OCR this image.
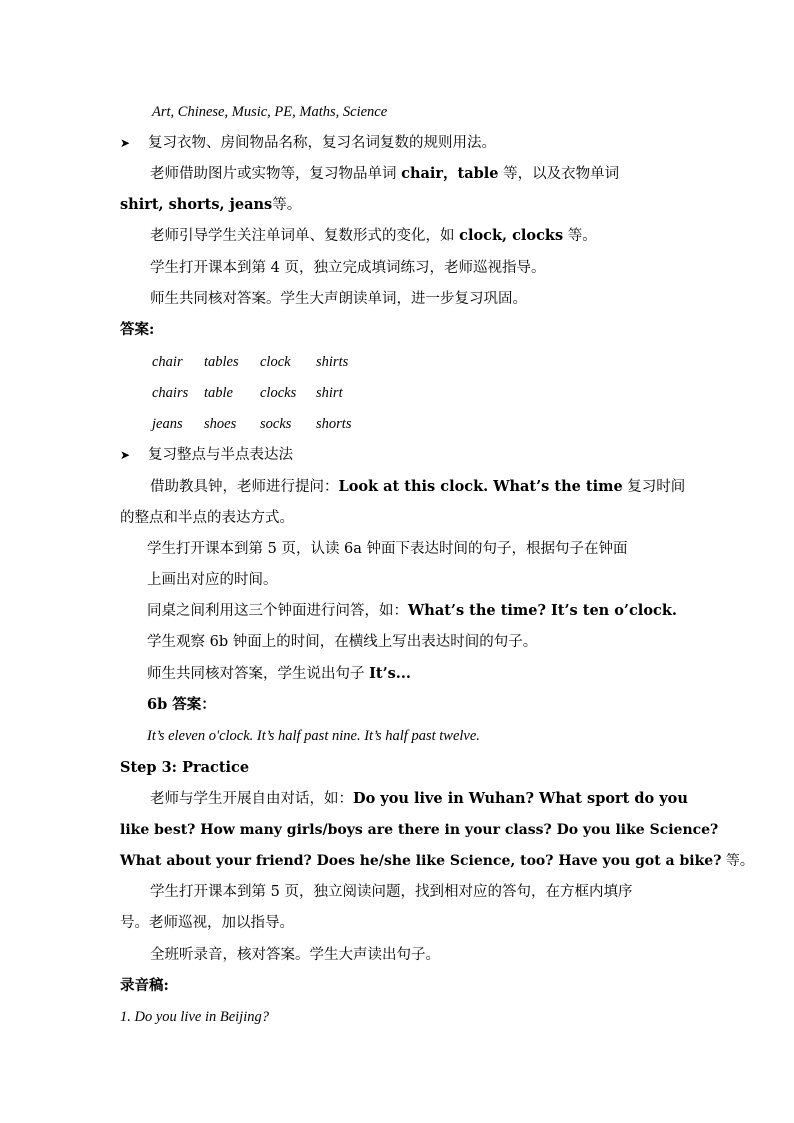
Art, Chinese, Music, PE, Maths, Science
➤ 复习衣物、房间物品名称，复习名词复数的规则用法。
老师借助图片或实物等，复习物品单词 chair，table 等，以及衣物单词
shirt, shorts, jeans等。
老师引导学生关注单词单、复数形式的变化，如 clock, clocks 等。
学生打开课本到第 4 页，独立完成填词练习，老师巡视指导。
师生共同核对答案。学生大声朗读单词，进一步复习巩固。
答案:
chair tables clock shirts
chairs table clocks shirt
jeans shoes socks shorts
➤ 复习整点与半点表达法
借助教具钟，老师进行提问：Look at this clock. What’s the time 复习时间
的整点和半点的表达方式。
学生打开课本到第 5 页，认读 6a 钟面下表达时间的句子，根据句子在钟面
上画出对应的时间。
同桌之间利用这三个钟面进行问答，如：What’s the time? It’s ten o’clock.
学生观察 6b 钟面上的时间，在横线上写出表达时间的句子。
师生共同核对答案，学生说出句子 It’s...
6b 答案：
It’s eleven o'clock. It’s half past nine. It’s half past twelve.
Step 3: Practice
老师与学生开展自由对话，如：Do you live in Wuhan? What sport do you
like best? How many girls/boys are there in your class? Do you like Science?
What about your friend? Does he/she like Science, too? Have you got a bike? 等。
学生打开课本到第 5 页，独立阅读问题，找到相对应的答句，在方框内填序
号。老师巡视，加以指导。
全班听录音，核对答案。学生大声读出句子。
录音稿:
1. Do you live in Beijing?
